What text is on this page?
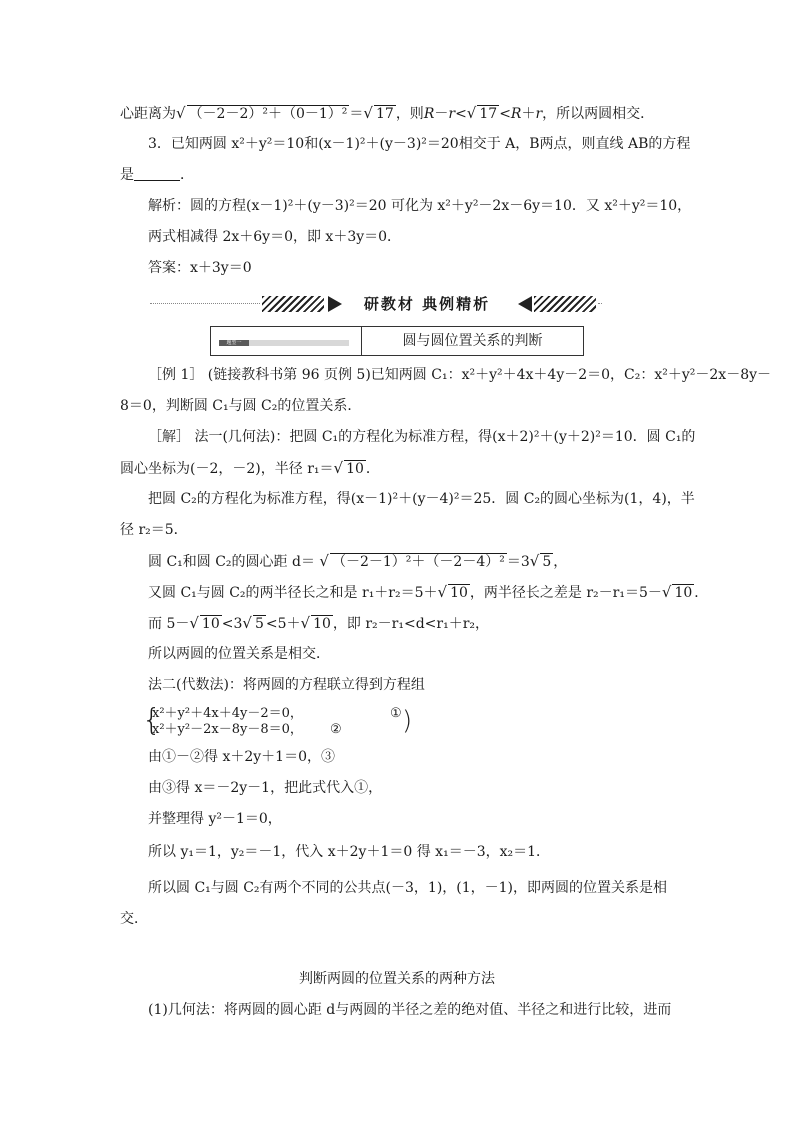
心距离为√ （－2－2）²＋（0－1）² ＝√ 17 ，则R－r<√ 17 <R＋r，所以两圆相交．
3．已知两圆 x²＋y²＝10和(x－1)²＋(y－3)²＝20相交于 A，B两点，则直线 AB的方程
是	．
解析：圆的方程(x－1)²＋(y－3)²＝20 可化为 x²＋y²－2x－6y＝10．又 x²＋y²＝10，
两式相减得 2x＋6y＝0，即 x＋3y＝0．
答案：x＋3y＝0
研教材 典例精析
题型一	圆与圆位置关系的判断
［例 1］ (链接教科书第 96 页例 5)已知两圆 C₁：x²＋y²＋4x＋4y－2＝0，C₂：x²＋y²－2x－8y－
8＝0，判断圆 C₁与圆 C₂的位置关系．
［解］ 法一(几何法)：把圆 C₁的方程化为标准方程，得(x＋2)²＋(y＋2)²＝10．圆 C₁的
圆心坐标为(－2，－2)，半径 r₁＝√ 10 ．
把圆 C₂的方程化为标准方程，得(x－1)²＋(y－4)²＝25．圆 C₂的圆心坐标为(1，4)，半
径 r₂＝5．
圆 C₁和圆 C₂的圆心距 d＝ √ （－2－1）²＋（－2－4）² ＝3√ 5 ，
又圆 C₁与圆 C₂的两半径长之和是 r₁＋r₂＝5＋√ 10 ，两半径长之差是 r₂－r₁＝5－√ 10 ．
而 5－√ 10 <3√ 5 <5＋√ 10 ，即 r₂－r₁<d<r₁＋r₂，
所以两圆的位置关系是相交．
法二(代数法)：将两圆的方程联立得到方程组
{
x²＋y²＋4x＋4y－2＝0，	①
x²＋y²－2x－8y－8＝0， ② )
由①－②得 x＋2y＋1＝0，③
由③得 x＝－2y－1，把此式代入①，
并整理得 y²－1＝0，
所以 y₁＝1，y₂＝－1，代入 x＋2y＋1＝0 得 x₁＝－3，x₂＝1．
所以圆 C₁与圆 C₂有两个不同的公共点(－3，1)，(1，－1)，即两圆的位置关系是相
交．
判断两圆的位置关系的两种方法
(1)几何法：将两圆的圆心距 d与两圆的半径之差的绝对值、半径之和进行比较，进而
